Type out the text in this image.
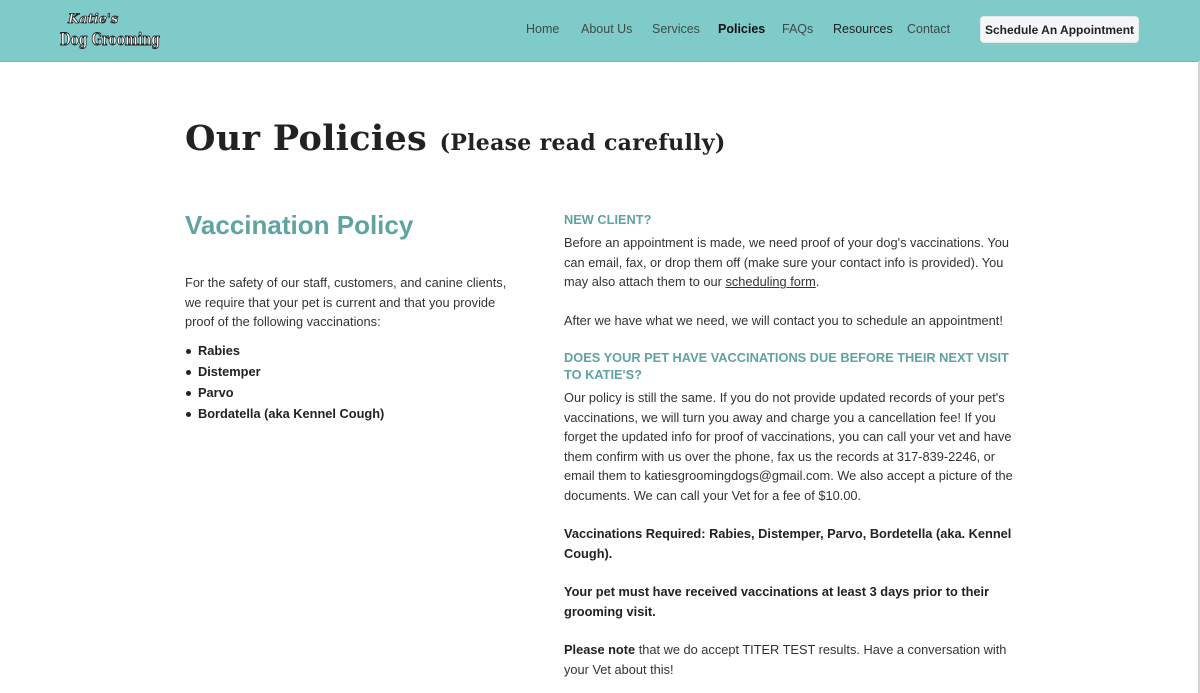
Katie's
Dog Grooming
Home About Us Services Policies FAQs Resources Contact	Schedule An Appointment
Our Policies (Please read carefully)
Vaccination Policy

For the safety of our staff, customers, and canine clients, we require that your pet is current and that you provide proof of the following vaccinations:

Rabies
Distemper
Parvo
Bordatella (aka Kennel Cough)
NEW CLIENT?

Before an appointment is made, we need proof of your dog's vaccinations. You can email, fax, or drop them off (make sure your contact info is provided). You may also attach them to our scheduling form.

After we have what we need, we will contact you to schedule an appointment!

DOES YOUR PET HAVE VACCINATIONS DUE BEFORE THEIR NEXT VISIT TO KATIE'S?

Our policy is still the same. If you do not provide updated records of your pet's vaccinations, we will turn you away and charge you a cancellation fee! If you forget the updated info for proof of vaccinations, you can call your vet and have them confirm with us over the phone, fax us the records at 317-839-2246, or email them to katiesgroomingdogs@gmail.com. We also accept a picture of the documents. We can call your Vet for a fee of $10.00.

Vaccinations Required: Rabies, Distemper, Parvo, Bordetella (aka. Kennel Cough).

Your pet must have received vaccinations at least 3 days prior to their grooming visit.

Please note that we do accept TITER TEST results. Have a conversation with your Vet about this!
